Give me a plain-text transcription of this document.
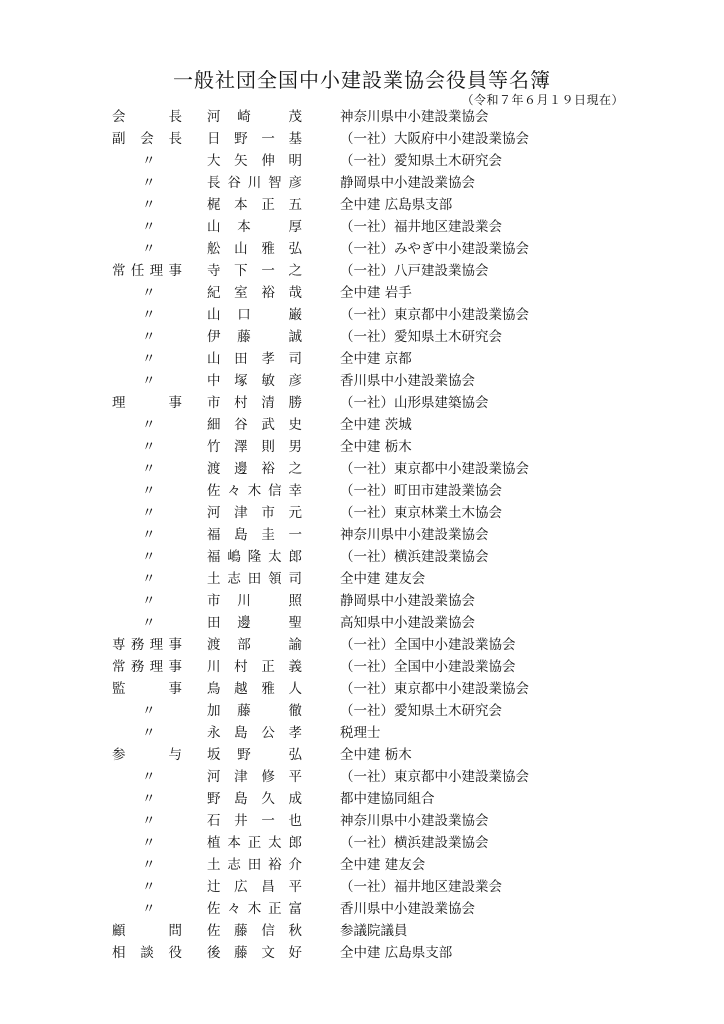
一般社団全国中小建設業協会役員等名簿
（令和７年６月１９日現在）
会長 河崎 茂	神奈川県中小建設業協会
副会長 日野一基	（一社）大阪府中小建設業協会
〃	大矢伸明	（一社）愛知県土木研究会
〃	長谷川智彦	静岡県中小建設業協会
〃	梶本正五	全中建 広島県支部
〃	山本 厚	（一社）福井地区建設業会
〃	舩山雅弘	（一社）みやぎ中小建設業協会
常任理事 寺下一之	（一社）八戸建設業協会
〃	紀室裕哉	全中建 岩手
〃	山口 巌	（一社）東京都中小建設業協会
〃	伊藤 誠	（一社）愛知県土木研究会
〃	山田孝司	全中建 京都
〃	中塚敏彦	香川県中小建設業協会
理事 市村清勝	（一社）山形県建築協会
〃	細谷武史	全中建 茨城
〃	竹澤則男	全中建 栃木
〃	渡邊裕之	（一社）東京都中小建設業協会
〃	佐々木信幸	（一社）町田市建設業協会
〃	河津市元	（一社）東京林業土木協会
〃	福島圭一	神奈川県中小建設業協会
〃	福嶋隆太郎	（一社）横浜建設業協会
〃	土志田領司	全中建 建友会
〃	市川 照	静岡県中小建設業協会
〃	田邊 聖	高知県中小建設業協会
専務理事 渡部 諭	（一社）全国中小建設業協会
常務理事 川村正義	（一社）全国中小建設業協会
監事 鳥越雅人	（一社）東京都中小建設業協会
〃	加藤 徹	（一社）愛知県土木研究会
〃	永島公孝	税理士
参与 坂野 弘	全中建 栃木
〃	河津修平	（一社）東京都中小建設業協会
〃	野島久成	都中建協同組合
〃	石井一也	神奈川県中小建設業協会
〃	植本正太郎	（一社）横浜建設業協会
〃	土志田裕介	全中建 建友会
〃	辻広昌平	（一社）福井地区建設業会
〃	佐々木正富	香川県中小建設業協会
顧問 佐藤信秋	参議院議員
相談役 後藤文好	全中建 広島県支部
